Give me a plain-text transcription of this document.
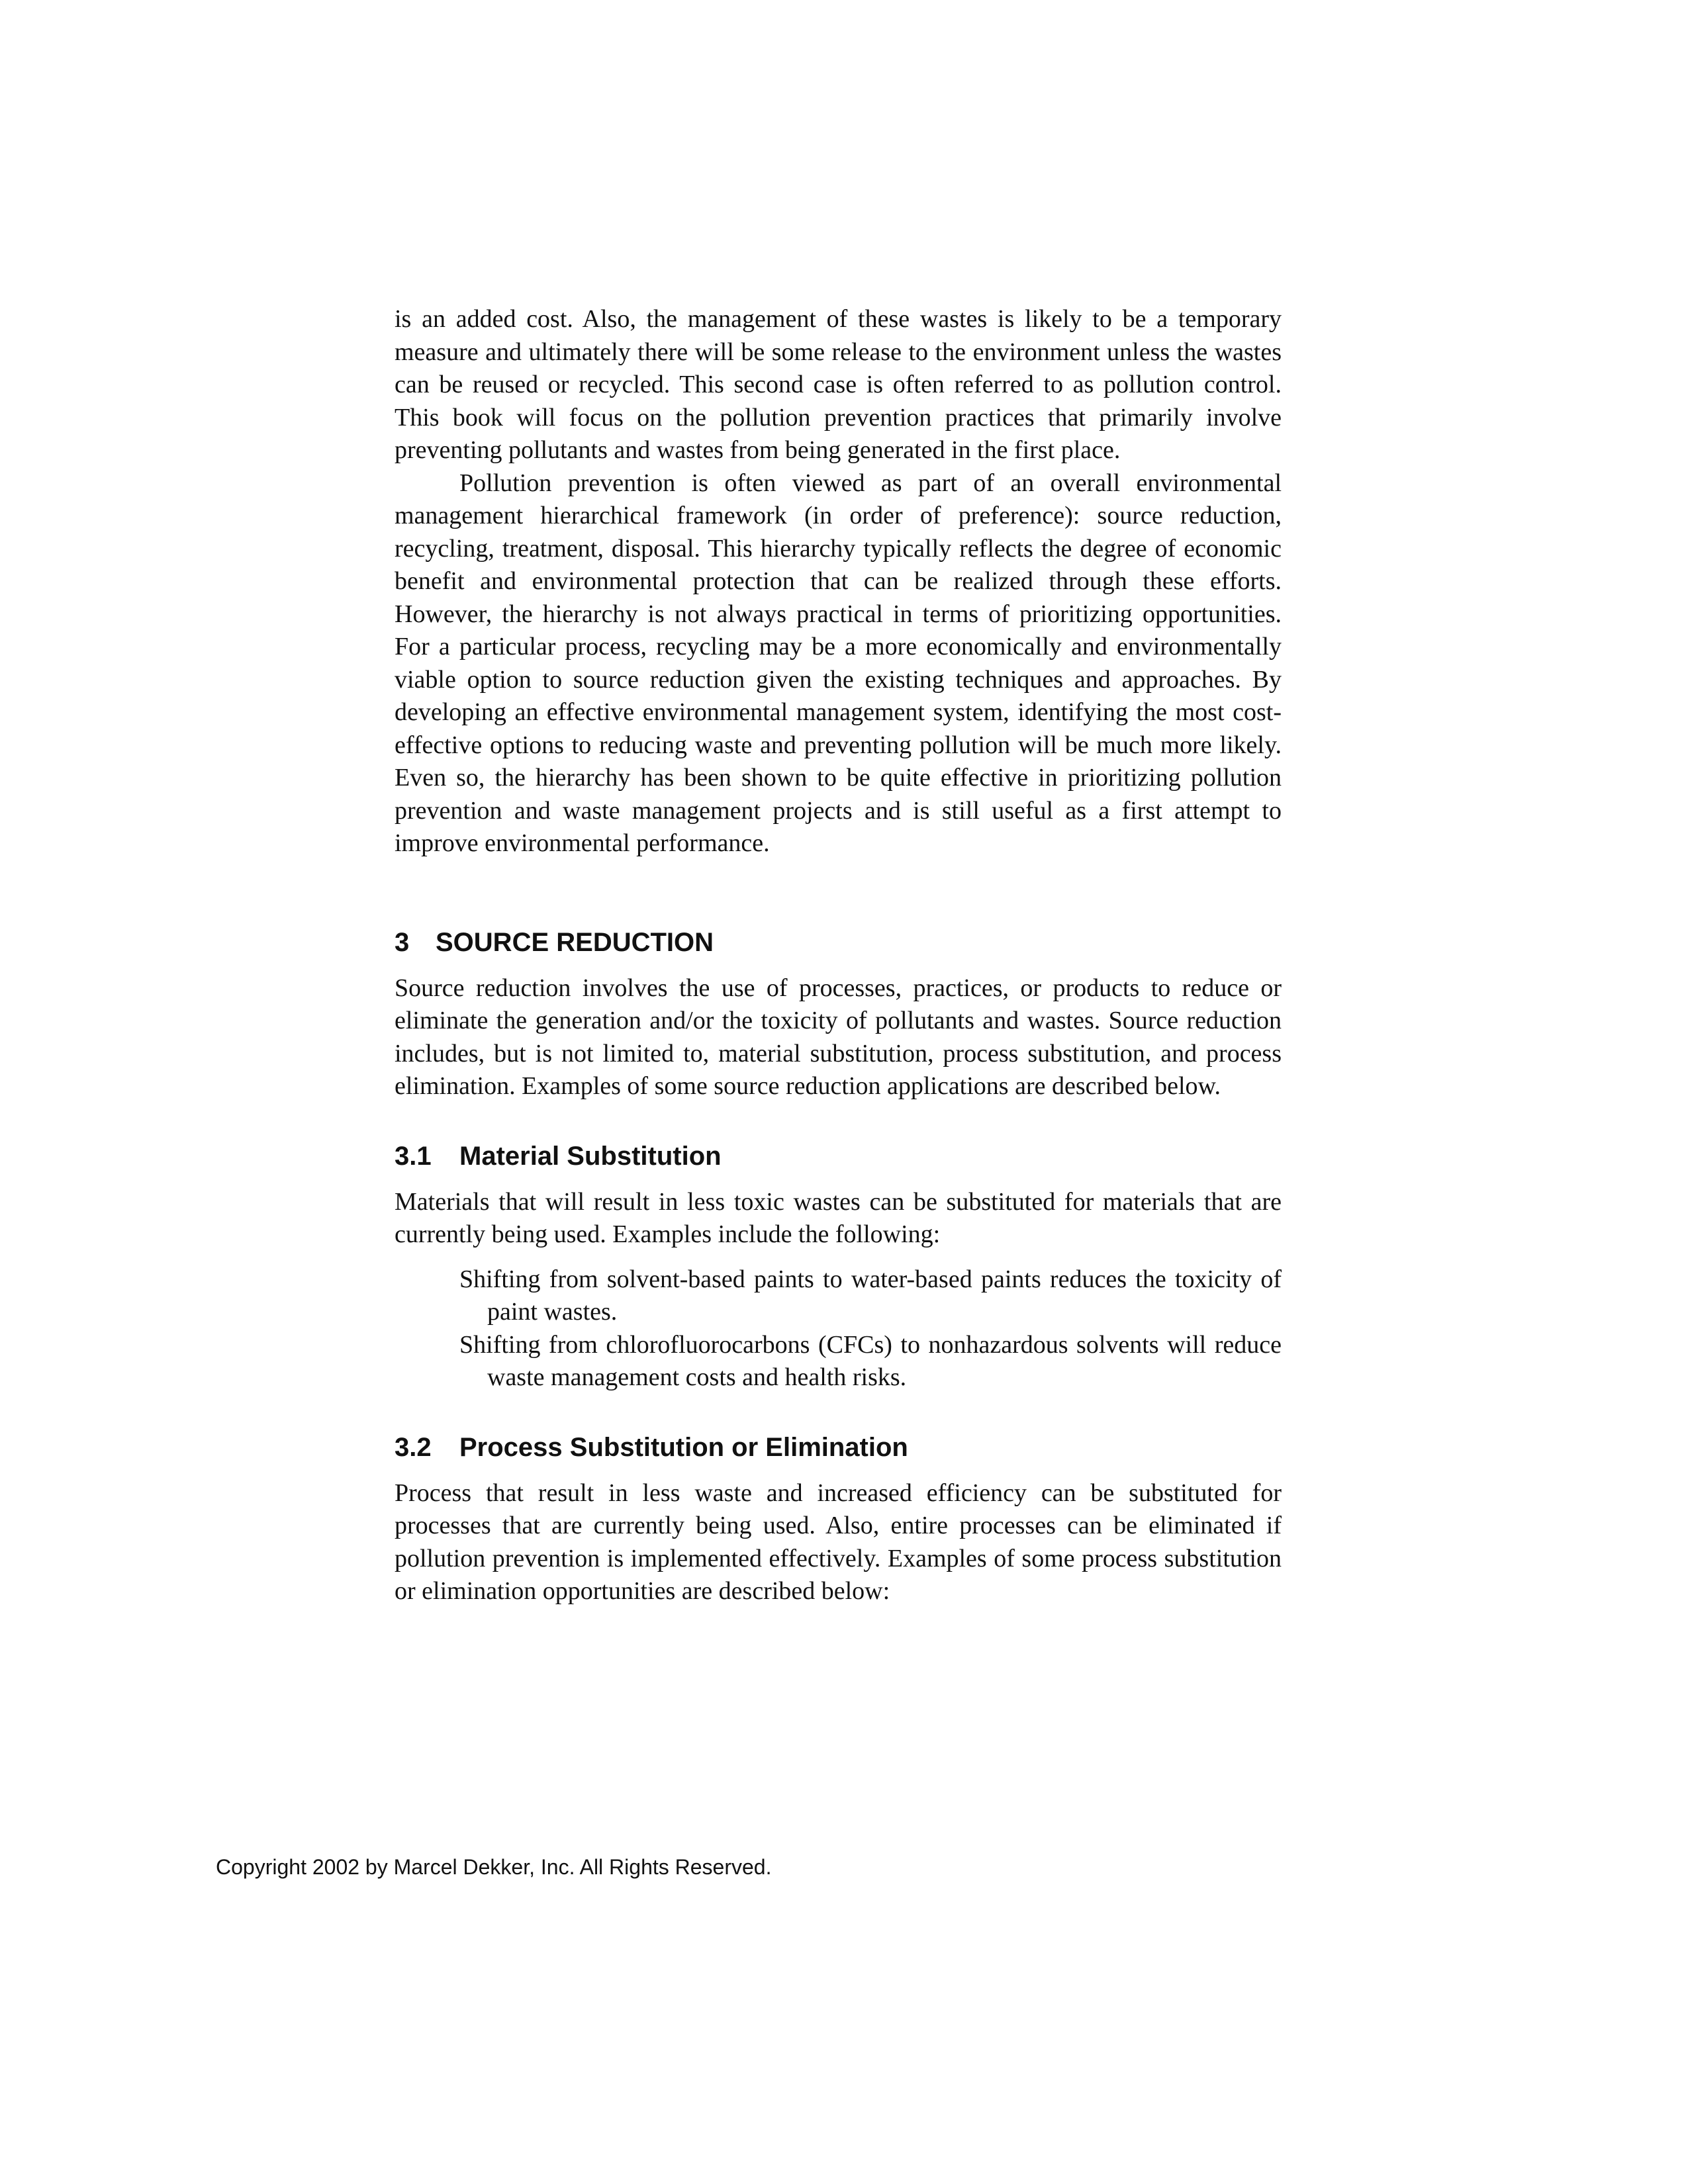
is an added cost. Also, the management of these wastes is likely to be a temporary measure and ultimately there will be some release to the environment unless the wastes can be reused or recycled. This second case is often referred to as pollution control. This book will focus on the pollution prevention practices that primarily involve preventing pollutants and wastes from being generated in the first place.

Pollution prevention is often viewed as part of an overall environmental management hierarchical framework (in order of preference): source reduction, recycling, treatment, disposal. This hierarchy typically reflects the degree of economic benefit and environmental protection that can be realized through these efforts. However, the hierarchy is not always practical in terms of prioritizing opportunities. For a particular process, recycling may be a more economically and environmentally viable option to source reduction given the existing techniques and approaches. By developing an effective environmental management system, identifying the most cost-effective options to reducing waste and preventing pollution will be much more likely. Even so, the hierarchy has been shown to be quite effective in prioritizing pollution prevention and waste management projects and is still useful as a first attempt to improve environmental performance.

3 SOURCE REDUCTION

Source reduction involves the use of processes, practices, or products to reduce or eliminate the generation and/or the toxicity of pollutants and wastes. Source reduction includes, but is not limited to, material substitution, process substitution, and process elimination. Examples of some source reduction applications are described below.

3.1 Material Substitution

Materials that will result in less toxic wastes can be substituted for materials that are currently being used. Examples include the following:

Shifting from solvent-based paints to water-based paints reduces the toxicity of paint wastes.
Shifting from chlorofluorocarbons (CFCs) to nonhazardous solvents will reduce waste management costs and health risks.
3.2 Process Substitution or Elimination

Process that result in less waste and increased efficiency can be substituted for processes that are currently being used. Also, entire processes can be eliminated if pollution prevention is implemented effectively. Examples of some process substitution or elimination opportunities are described below:

Copyright 2002 by Marcel Dekker, Inc. All Rights Reserved.
